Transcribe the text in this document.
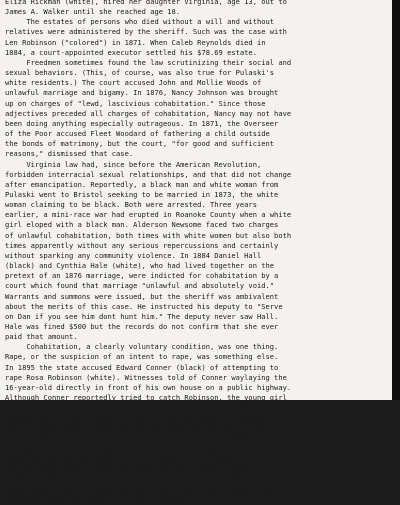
Eliza Rickman (white), hired her daughter Virginia, age 13, out to
James A. Walker until she reached age 18.
The estates of persons who died without a will and without
relatives were administered by the sheriff. Such was the case with
Len Robinson ("colored") in 1871. When Caleb Reynolds died in
1884, a court-appointed executor settled his $78.69 estate.
Freedmen sometimes found the law scrutinizing their social and
sexual behaviors. (This, of course, was also true for Pulaski's
white residents.) The court accused John and Mollie Woods of
unlawful marriage and bigamy. In 1876, Nancy Johnson was brought
up on charges of "lewd, lascivious cohabitation." Since those
adjectives preceded all charges of cohabitation, Nancy may not have
been doing anything especially outrageous. In 1871, the Overseer
of the Poor accused Fleet Woodard of fathering a child outside
the bonds of matrimony, but the court, "for good and sufficient
reasons," dismissed that case.
Virginia law had, since before the American Revolution,
forbidden interracial sexual relationships, and that did not change
after emancipation. Reportedly, a black man and white woman from
Pulaski went to Bristol seeking to be married in 1873, the white
woman claiming to be black. Both were arrested. Three years
earlier, a mini-race war had erupted in Roanoke County when a white
girl eloped with a black man. Alderson Newsome faced two charges
of unlawful cohabitation, both times with white women but also both
times apparently without any serious repercussions and certainly
without sparking any community violence. In 1884 Daniel Hall
(black) and Cynthia Hale (white), who had lived together on the
pretext of an 1876 marriage, were indicted for cohabitation by a
court which found that marriage "unlawful and absolutely void."
Warrants and summons were issued, but the sheriff was ambivalent
about the merits of this case. He instructed his deputy to "Serve
on Dan if you see him dont hunt him." The deputy never saw Hall.
Hale was fined $500 but the records do not confirm that she ever
paid that amount.
Cohabitation, a clearly voluntary condition, was one thing.
Rape, or the suspicion of an intent to rape, was something else.
In 1895 the state accused Edward Conner (black) of attempting to
rape Rosa Robinson (white). Witnesses told of Conner waylaying the
16-year-old directly in front of his own house on a public highway.
Although Conner reportedly tried to catch Robinson, the young girl
"succeeded in passing him and breaking away from him." She also
managed to pick up a rock, to hold on to the bundle of laundry she
was carrying, and to avoid any actual physical contact. After
asking Robinson "aint you scared," Conner reportedly made no
attempt to take advantage of the situation but was nevertheless
found guilty and sentenced to five years in the state
penitentiary. (While this case may seem very weak by today's
standards and the long sentence perhaps racially motivated, for
comparison's sake it bears noting that a white man convicted of
attempted rape received a six-year sentence.)
